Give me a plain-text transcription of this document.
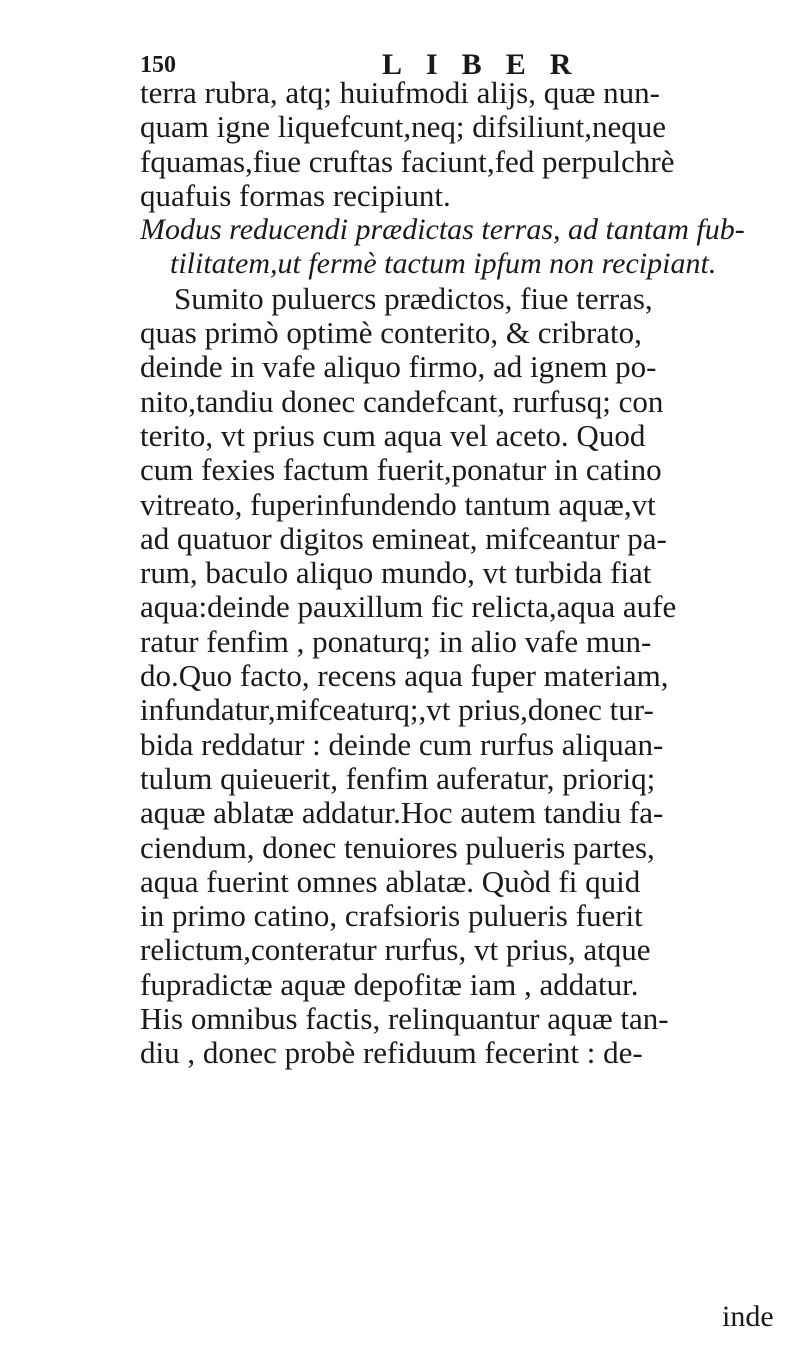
150	LIBER
terra rubra, atq; huiufmodi alijs, quæ nun-
quam igne liquefcunt,neq; difsiliunt,neque
fquamas,fiue cruftas faciunt,fed perpulchrè
quafuis formas recipiunt.
Modus reducendi prædictas terras, ad tantam fub-
tilitatem,ut fermè tactum ipfum non recipiant.
Sumito puluercs prædictos, fiue terras,
quas primò optimè conterito, & cribrato,
deinde in vafe aliquo firmo, ad ignem po-
nito,tandiu donec candefcant, rurfusq; con
terito, vt prius cum aqua vel aceto. Quod
cum fexies factum fuerit,ponatur in catino
vitreato, fuperinfundendo tantum aquæ,vt
ad quatuor digitos emineat, mifceantur pa-
rum, baculo aliquo mundo, vt turbida fiat
aqua:deinde pauxillum fic relicta,aqua aufe
ratur fenfim , ponaturq; in alio vafe mun-
do.Quo facto, recens aqua fuper materiam,
infundatur,mifceaturq;,vt prius,donec tur-
bida reddatur : deinde cum rurfus aliquan-
tulum quieuerit, fenfim auferatur, prioriq;
aquæ ablatæ addatur.Hoc autem tandiu fa-
ciendum, donec tenuiores pulueris partes,
aqua fuerint omnes ablatæ. Quòd fi quid
in primo catino, crafsioris pulueris fuerit
relictum,conteratur rurfus, vt prius, atque
fupradictæ aquæ depofitæ iam , addatur.
His omnibus factis, relinquantur aquæ tan-
diu , donec probè refiduum fecerint : de-
inde
